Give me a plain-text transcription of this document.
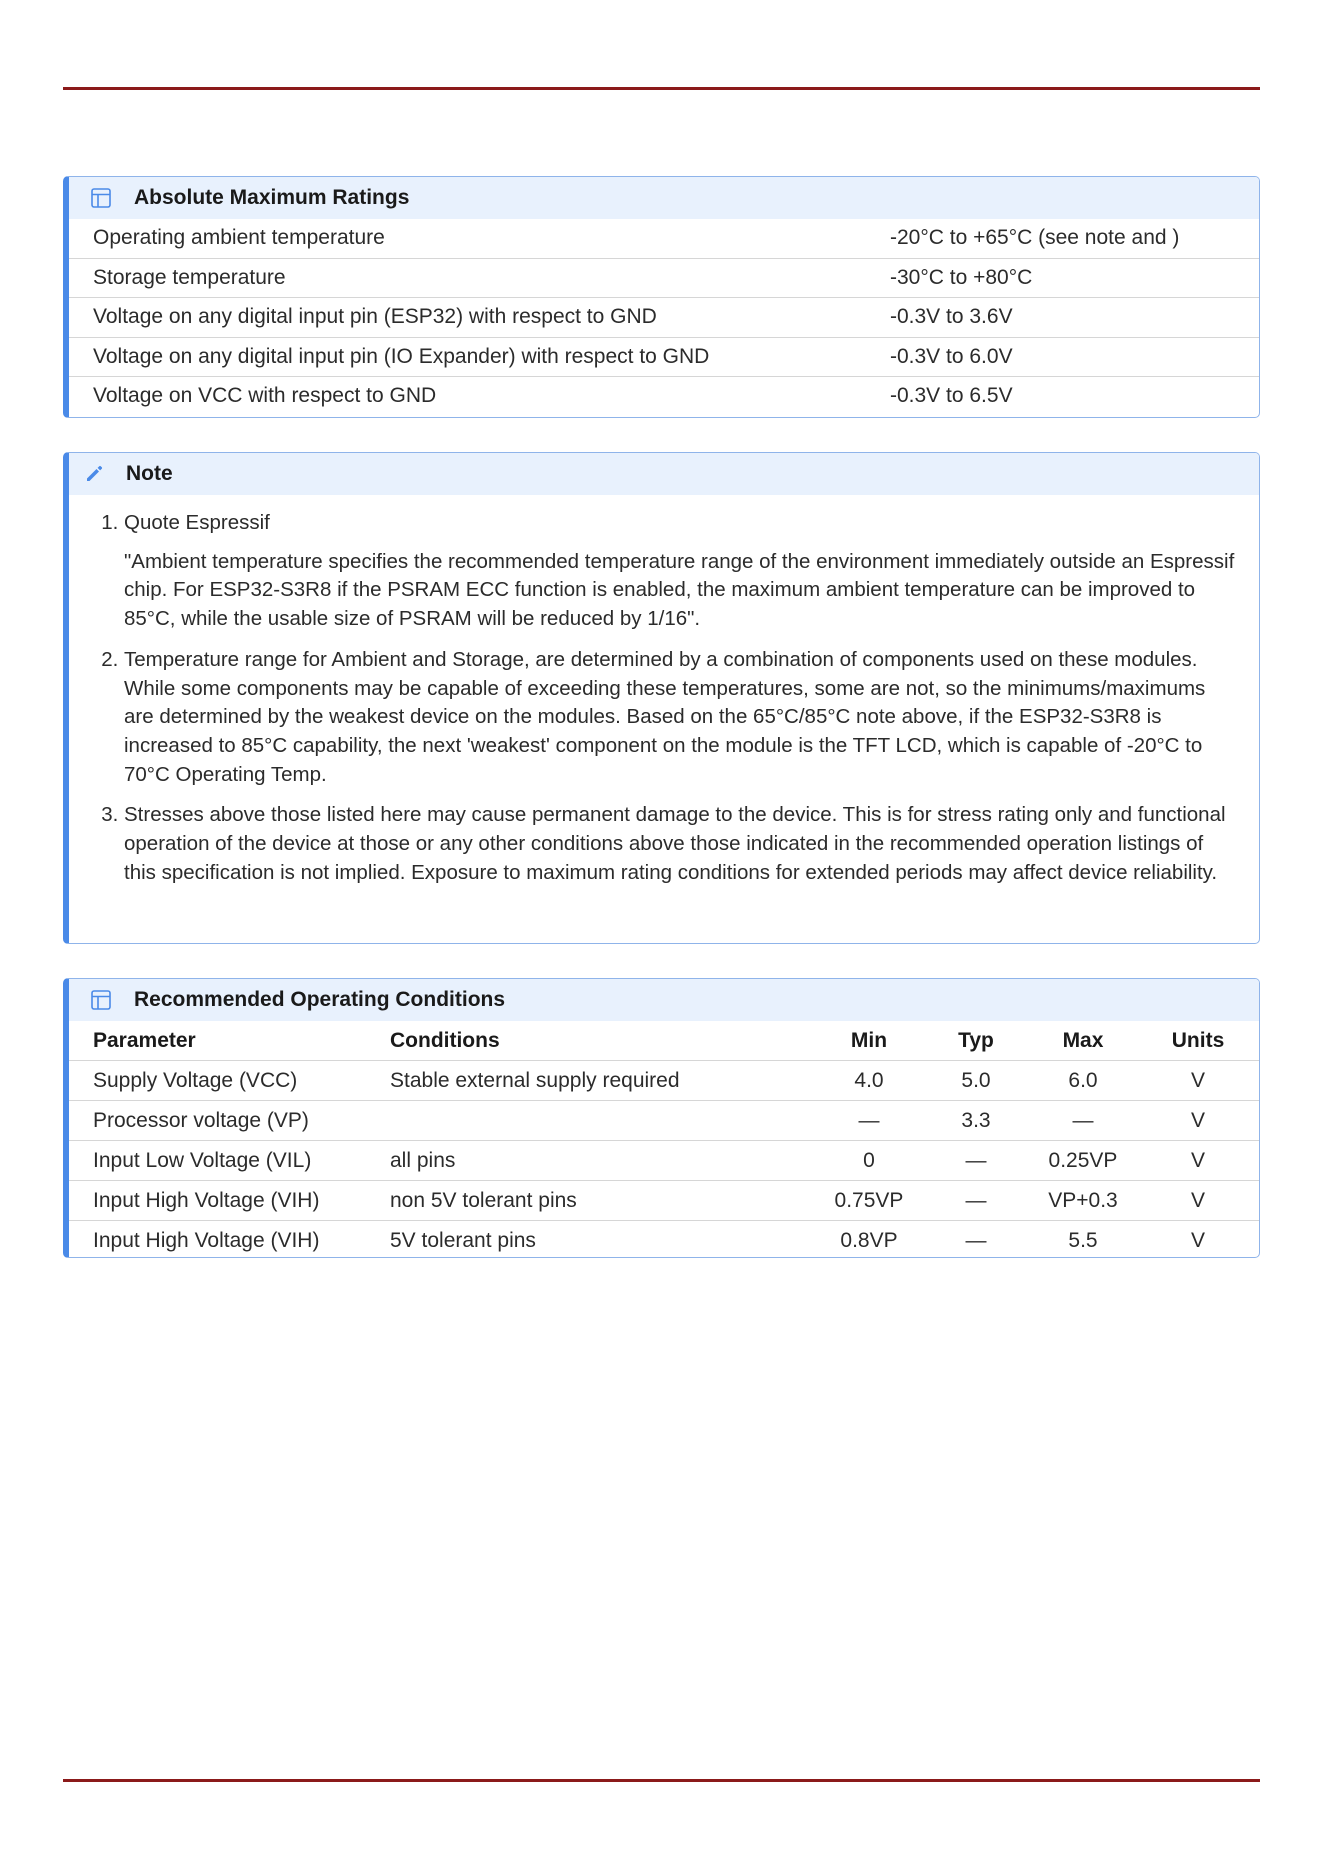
Absolute Maximum Ratings
Operating ambient temperature	-20°C to +65°C (see note and )
Storage temperature	-30°C to +80°C
Voltage on any digital input pin (ESP32) with respect to GND	-0.3V to 3.6V
Voltage on any digital input pin (IO Expander) with respect to GND	-0.3V to 6.0V
Voltage on VCC with respect to GND	-0.3V to 6.5V
Note
1. Quote Espressif

"Ambient temperature specifies the recommended temperature range of the environment immediately outside an Espressif chip. For ESP32-S3R8 if the PSRAM ECC function is enabled, the maximum ambient temperature can be improved to 85°C, while the usable size of PSRAM will be reduced by 1/16".

2. Temperature range for Ambient and Storage, are determined by a combination of components used on these modules. While some components may be capable of exceeding these temperatures, some are not, so the minimums/maximums are determined by the weakest device on the modules. Based on the 65°C/85°C note above, if the ESP32-S3R8 is increased to 85°C capability, the next 'weakest' component on the module is the TFT LCD, which is capable of -20°C to 70°C Operating Temp.
3. Stresses above those listed here may cause permanent damage to the device. This is for stress rating only and functional operation of the device at those or any other conditions above those indicated in the recommended operation listings of this specification is not implied. Exposure to maximum rating conditions for extended periods may affect device reliability.
Recommended Operating Conditions
Parameter	Conditions	Min	Typ	Max	Units
Supply Voltage (VCC)	Stable external supply required	4.0	5.0	6.0	V
Processor voltage (VP)		—	3.3	—	V
Input Low Voltage (VIL)	all pins	0	—	0.25VP	V
Input High Voltage (VIH)	non 5V tolerant pins	0.75VP	—	VP+0.3	V
Input High Voltage (VIH)	5V tolerant pins	0.8VP	—	5.5	V
